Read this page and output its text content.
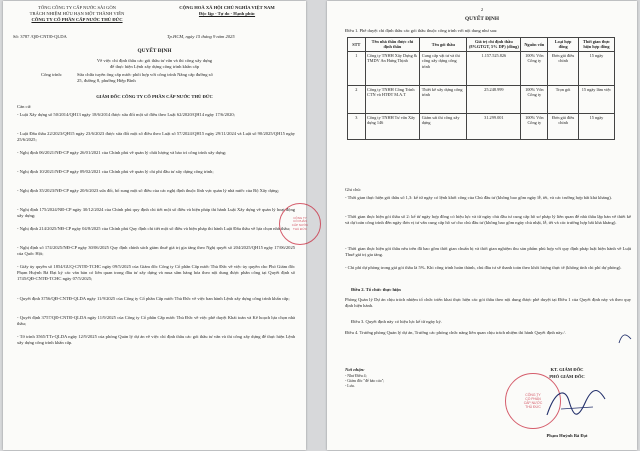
TỔNG CÔNG TY CẤP NƯỚC SÀI GÒN
TRÁCH NHIỆM HỮU HẠN MỘT THÀNH VIÊN
CÔNG TY CỔ PHẦN CẤP NƯỚC THỦ ĐỨC
CỘNG HOÀ XÃ HỘI CHỦ NGHĨA VIỆT NAM
Độc lập - Tự do - Hạnh phúc
Số: 3787 /QĐ-CNTĐ-QLDA	Tp.HCM, ngày 15 tháng 9 năm 2025
QUYẾT ĐỊNH
Về việc chỉ định thầu các gói thầu tư vấn và thi công xây dựng
để thực hiện Lệnh xây dựng công trình khẩn cấp
Công trình:	Sửa chữa tuyến ống cấp nước phối hợp với công trình Nâng cấp đường số
25, đường 8, phường Hiệp Bình
GIÁM ĐỐC CÔNG TY CỔ PHẦN CẤP NƯỚC THỦ ĐỨC
Căn cứ:
- Luật Xây dựng số 50/2014/QH13 ngày 18/6/2014 được sửa đổi một số điều theo Luật 62/2020/QH14 ngày 17/6/2020;
- Luật Đấu thầu 22/2023/QH15 ngày 23/6/2023 được sửa đổi một số điều theo Luật số 57/2024/QH15 ngày 29/11/2024 và Luật số 90/2025/QH15 ngày 25/6/2025;
- Nghị định 06/2021/NĐ-CP ngày 26/01/2021 của Chính phủ về quản lý chất lượng và bảo trì công trình xây dựng;
- Nghị định 10/2021/NĐ-CP ngày 09/02/2021 của Chính phủ về quản lý chi phí đầu tư xây dựng công trình;
- Nghị định 35/2023/NĐ-CP ngày 20/6/2023 sửa đổi, bổ sung một số điều của các nghị định thuộc lĩnh vực quản lý nhà nước của Bộ Xây dựng;
- Nghị định 175/2024/NĐ-CP ngày 30/12/2024 của Chính phủ quy định chi tiết một số điều và biện pháp thi hành Luật Xây dựng về quản lý hoạt động xây dựng;
- Nghị định 214/2025/NĐ-CP ngày 04/8/2025 của Chính phủ Quy định chi tiết một số điều và biện pháp thi hành Luật Đấu thầu về lựa chọn nhà thầu;
- Nghị định số 174/2025/NĐ-CP ngày 30/06/2025 Quy định chính sách giảm thuế giá trị gia tăng theo Nghị quyết số 204/2025/QH15 ngày 17/06/2025 của Quốc Hội;
- Giấy ủy quyền số 1854/GUQ-CNTĐ-TCHC ngày 09/5/2025 của Giám đốc Công ty Cổ phần Cấp nước Thủ Đức về việc ủy quyền cho Phó Giám đốc Phạm Huỳnh Bá Đạt ký các văn bản có liên quan trong đầu tư xây dựng và mua sắm hàng hóa theo nội dung được phân công tại Quyết định số 1745/QĐ-CNTĐ-TCHC ngày 07/5/2025;
- Quyết định 3756/QĐ-CNTĐ-QLDA ngày 11/9/2025 của Công ty Cổ phần Cấp nước Thủ Đức về việc ban hành Lệnh xây dựng công trình khẩn cấp;
- Quyết định 3757/QĐ-CNTĐ-QLDA ngày 11/9/2025 của Công ty Cổ phần Cấp nước Thủ Đức về việc phê duyệt Khái toán và Kế hoạch lựa chọn nhà thầu;
- Tờ trình 3565/TTr-QLDA ngày 12/9/2025 của phòng Quản lý dự án về việc chỉ định thầu các gói thầu tư vấn và thi công xây dựng để thực hiện Lệnh xây dựng công trình khẩn cấp.
CÔNG TY
CỔ PHẦN
CẤP NƯỚC
THỦ ĐỨC
2
QUYẾT ĐỊNH
Điều 1. Phê duyệt chỉ định thầu các gói thầu thuộc công trình với nội dung như sau:
STT	Tên nhà thầu được chỉ định thầu	Tên gói thầu	Giá trị chỉ định thầu (8%GTGT, 5% DP) (đồng)	Nguồn vốn	Loại hợp đồng	Thời gian thực hiện hợp đồng
1	Công ty TNHH Xây Dựng & TMDV An Hưng Thịnh	Cung cấp vật tư và thi công xây dựng công trình	1.157.525.826	100% Vốn Công ty	Đơn giá điều chỉnh	15 ngày
2	Công ty TNHH Công Trình CTN và HTĐT M.A.T	Thiết kế xây dựng công trình	25.248.999	100% Vốn Công ty	Trọn gói	15 ngày lâm việc
3	Công ty TNHH Tư vấn Xây dựng 146	Giám sát thi công xây dựng	31.299.001	100% Vốn Công ty	Đơn giá điều chỉnh	15 ngày
Ghi chú:
- Thời gian thực hiện gói thầu số 1,3: kể từ ngày có lệnh khởi công của Chủ đầu tư (không bao gồm ngày lễ, tết, và các trường hợp bất khả kháng).
- Thời gian thực hiện gói thầu số 2: kể từ ngày hợp đồng có hiệu lực và từ ngày chủ đầu tư cung cấp hồ sơ pháp lý liên quan để nhà thầu lập bản vẽ thiết kế và dự toán công trình đến ngày đơn vị tư vấn cung cấp hồ sơ cho chủ đầu tư (không bao gồm ngày chủ nhật, lễ, tết và các trường hợp bất khả kháng).
- Thời gian thực hiện gói thầu nêu trên đã bao gồm thời gian chuẩn bị và thời gian nghiệm thu sản phẩm phù hợp với quy định pháp luật hiện hành về Luật Thuế giá trị gia tăng.
- Chi phí dự phòng trong giá gói thầu là 5%. Khi công trình hoàn thành, chủ đầu tư sẽ thanh toán theo khối lượng thực tế (không tính chi phí dự phòng).
Điều 2. Tổ chức thực hiện
Phòng Quản lý Dự án chịu trách nhiệm tổ chức triển khai thực hiện các gói thầu theo nội dung được phê duyệt tại Điều 1 của Quyết định này và theo quy định hiện hành.
Điều 3. Quyết định này có hiệu lực kể từ ngày ký.
Điều 4. Trưởng phòng Quản lý dự án, Trưởng các phòng chức năng liên quan chịu trách nhiệm thi hành Quyết định này./.
Nơi nhận:
- Như Điều 4;
- Giám đốc "để báo cáo";
- Lưu.
KT. GIÁM ĐỐC
PHÓ GIÁM ĐỐC
CÔNG TY
CỔ PHẦN
CẤP NƯỚC
THỦ ĐỨC
Phạm Huỳnh Bá Đạt
